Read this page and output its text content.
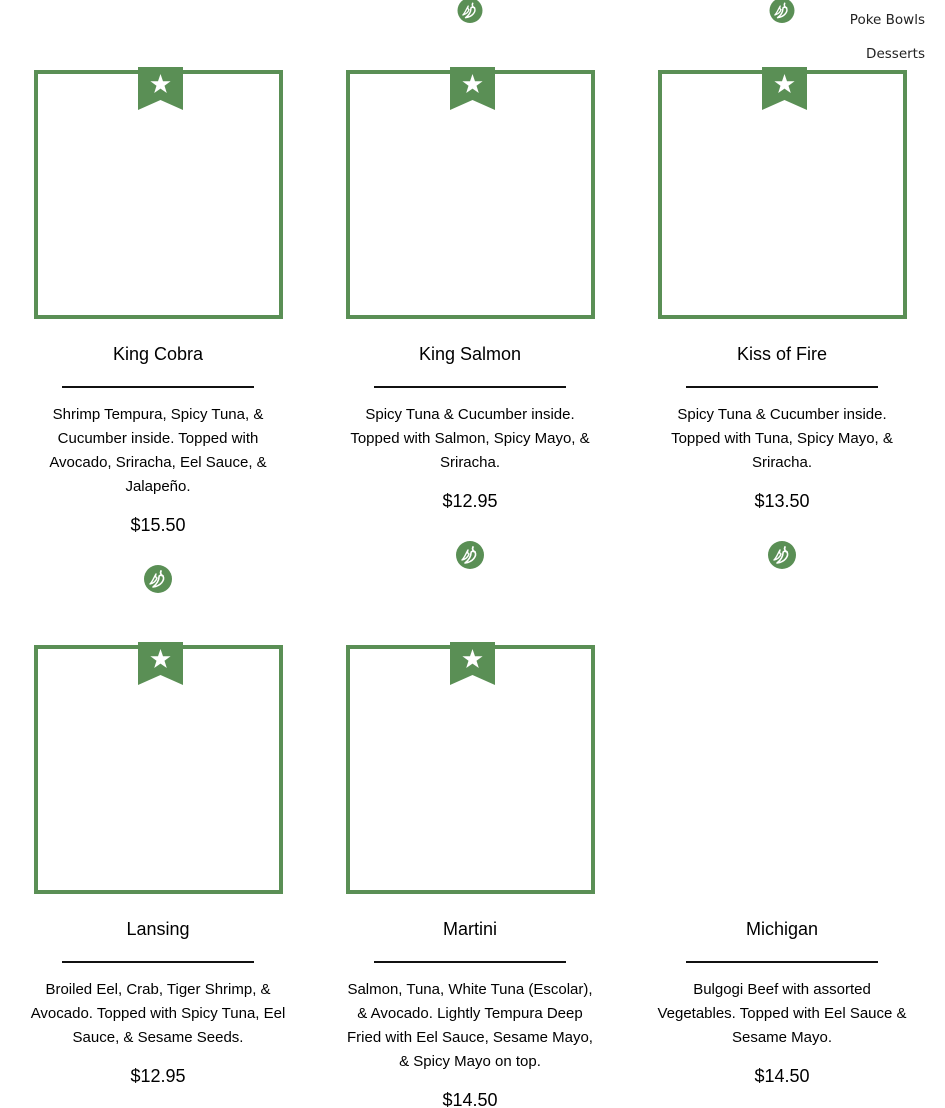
Poke Bowls
Desserts
King Cobra
Shrimp Tempura, Spicy Tuna, & Cucumber inside. Topped with Avocado, Sriracha, Eel Sauce, & Jalapeño.
$15.50
King Salmon
Spicy Tuna & Cucumber inside. Topped with Salmon, Spicy Mayo, & Sriracha.
$12.95
Kiss of Fire
Spicy Tuna & Cucumber inside. Topped with Tuna, Spicy Mayo, & Sriracha.
$13.50
Lansing
Broiled Eel, Crab, Tiger Shrimp, & Avocado. Topped with Spicy Tuna, Eel Sauce, & Sesame Seeds.
$12.95
Martini
Salmon, Tuna, White Tuna (Escolar), & Avocado. Lightly Tempura Deep Fried with Eel Sauce, Sesame Mayo, & Spicy Mayo on top.
$14.50
Michigan
Bulgogi Beef with assorted Vegetables. Topped with Eel Sauce & Sesame Mayo.
$14.50
